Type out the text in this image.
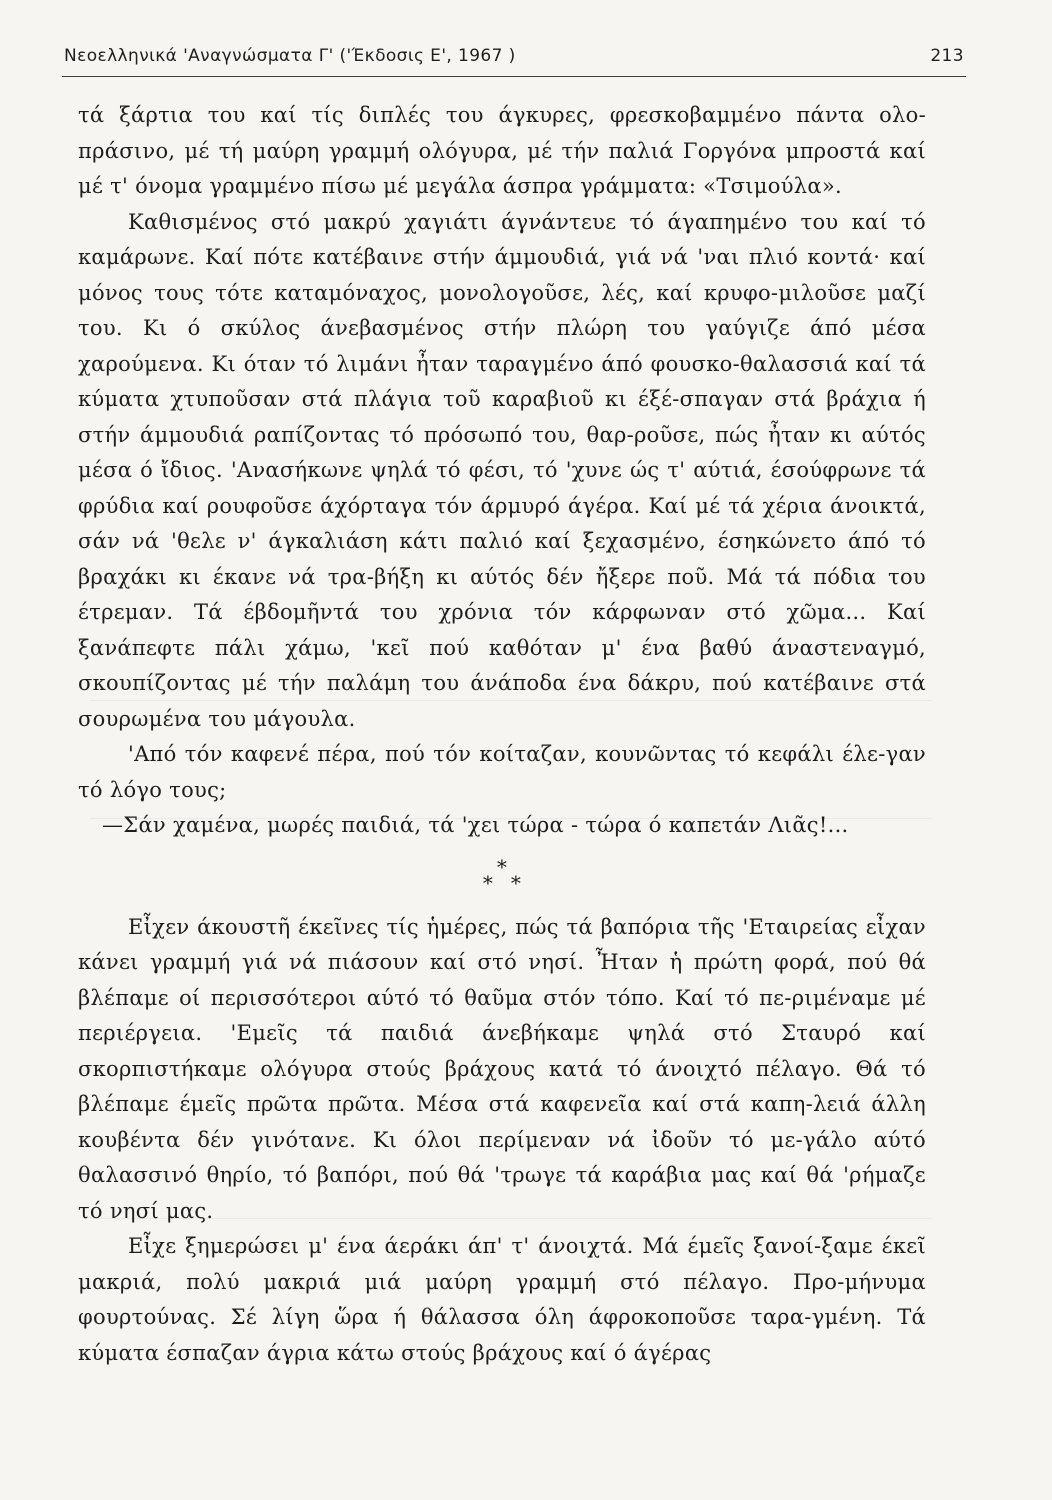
Νεοελληνικά 'Αναγνώσματα Γ' ('Έκδοσις Ε', 1967 )	213

τά ξάρτια του καί τίς διπλές του άγκυρες, φρεσκοβαμμένο πάντα ολο-πράσινο, μέ τή μαύρη γραμμή ολόγυρα, μέ τήν παλιά Γοργόνα μπροστά καί μέ τ' όνομα γραμμένο πίσω μέ μεγάλα άσπρα γράμματα: «Τσιμούλα».

Καθισμένος στό μακρύ χαγιάτι άγνάντευε τό άγαπημένο του καί τό καμάρωνε. Καί πότε κατέβαινε στήν άμμουδιά, γιά νά 'ναι πλιό κοντά· καί μόνος τους τότε καταμόναχος, μονολογοῦσε, λές, καί κρυφο-μιλοῦσε μαζί του. Κι ό σκύλος άνεβασμένος στήν πλώρη του γαύγιζε άπό μέσα χαρούμενα. Κι όταν τό λιμάνι ἦταν ταραγμένο άπό φουσκο-θαλασσιά καί τά κύματα χτυποῦσαν στά πλάγια τοῦ καραβιοῦ κι έξέ-σπαγαν στά βράχια ή στήν άμμουδιά ραπίζοντας τό πρόσωπό του, θαρ-ροῦσε, πώς ἦταν κι αύτός μέσα ό ἴδιος. 'Ανασήκωνε ψηλά τό φέσι, τό 'χυνε ώς τ' αύτιά, έσούφρωνε τά φρύδια καί ρουφοῦσε άχόρταγα τόν άρμυρό άγέρα. Καί μέ τά χέρια άνοικτά, σάν νά 'θελε ν' άγκαλιάση κάτι παλιό καί ξεχασμένο, έσηκώνετο άπό τό βραχάκι κι έκανε νά τρα-βήξη κι αύτός δέν ἤξερε ποῦ. Μά τά πόδια του έτρεμαν. Τά έβδομῆντά του χρόνια τόν κάρφωναν στό χῶμα... Καί ξανάπεφτε πάλι χάμω, 'κεῖ πού καθόταν μ' ένα βαθύ άναστεναγμό, σκουπίζοντας μέ τήν παλάμη του άνάποδα ένα δάκρυ, πού κατέβαινε στά σουρωμένα του μάγουλα.

'Από τόν καφενέ πέρα, πού τόν κοίταζαν, κουνῶντας τό κεφάλι έλε-γαν τό λόγο τους;

—Σάν χαμένα, μωρές παιδιά, τά 'χει τώρα - τώρα ό καπετάν Λιᾶς!...

*
* *

Εἶχεν άκουστῆ έκεῖνες τίς ἡμέρες, πώς τά βαπόρια τῆς 'Εταιρείας εἶχαν κάνει γραμμή γιά νά πιάσουν καί στό νησί. Ἦταν ἡ πρώτη φορά, πού θά βλέπαμε οί περισσότεροι αύτό τό θαῦμα στόν τόπο. Καί τό πε-ριμέναμε μέ περιέργεια. 'Εμεῖς τά παιδιά άνεβήκαμε ψηλά στό Σταυρό καί σκορπιστήκαμε ολόγυρα στούς βράχους κατά τό άνοιχτό πέλαγο. Θά τό βλέπαμε έμεῖς πρῶτα πρῶτα. Μέσα στά καφενεῖα καί στά καπη-λειά άλλη κουβέντα δέν γινότανε. Κι όλοι περίμεναν νά ἰδοῦν τό με-γάλο αύτό θαλασσινό θηρίο, τό βαπόρι, πού θά 'τρωγε τά καράβια μας καί θά 'ρήμαζε τό νησί μας.

Εἶχε ξημερώσει μ' ένα άεράκι άπ' τ' άνοιχτά. Μά έμεῖς ξανοί-ξαμε έκεῖ μακριά, πολύ μακριά μιά μαύρη γραμμή στό πέλαγο. Προ-μήνυμα φουρτούνας. Σέ λίγη ὥρα ή θάλασσα όλη άφροκοποῦσε ταρα-γμένη. Τά κύματα έσπαζαν άγρια κάτω στούς βράχους καί ό άγέρας
